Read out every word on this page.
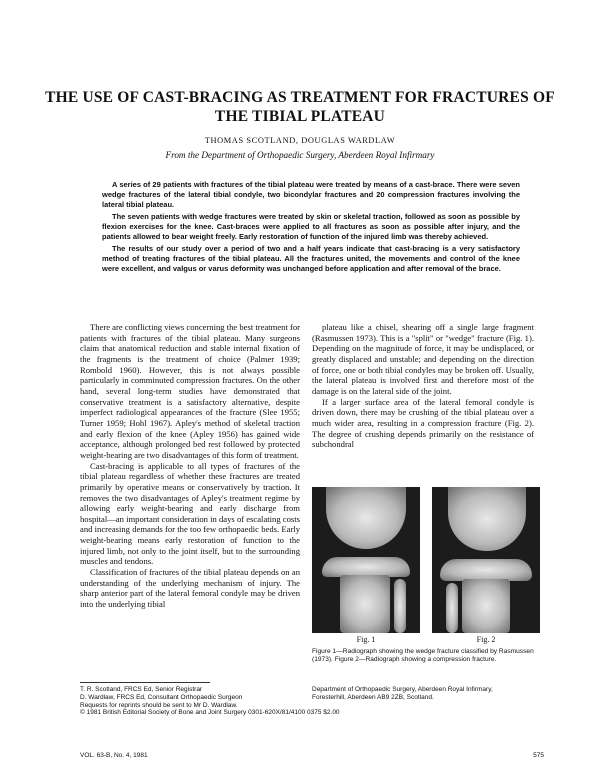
THE USE OF CAST-BRACING AS TREATMENT FOR FRACTURES OF
THE TIBIAL PLATEAU
THOMAS SCOTLAND, DOUGLAS WARDLAW
From the Department of Orthopaedic Surgery, Aberdeen Royal Infirmary

A series of 29 patients with fractures of the tibial plateau were treated by means of a cast-brace. There were seven wedge fractures of the lateral tibial condyle, two bicondylar fractures and 20 compression fractures involving the lateral tibial plateau.

The seven patients with wedge fractures were treated by skin or skeletal traction, followed as soon as possible by flexion exercises for the knee. Cast-braces were applied to all fractures as soon as possible after injury, and the patients allowed to bear weight freely. Early restoration of function of the injured limb was thereby achieved.

The results of our study over a period of two and a half years indicate that cast-bracing is a very satisfactory method of treating fractures of the tibial plateau. All the fractures united, the movements and control of the knee were excellent, and valgus or varus deformity was unchanged before application and after removal of the brace.

There are conflicting views concerning the best treatment for patients with fractures of the tibial plateau. Many surgeons claim that anatomical reduction and stable internal fixation of the fragments is the treatment of choice (Palmer 1939; Rombold 1960). However, this is not always possible particularly in comminuted compression fractures. On the other hand, several long-term studies have demonstrated that conservative treatment is a satisfactory alternative, despite imperfect radiological appearances of the fracture (Slee 1955; Turner 1959; Hohl 1967). Apley's method of skeletal traction and early flexion of the knee (Apley 1956) has gained wide acceptance, although prolonged bed rest followed by protected weight-bearing are two disadvantages of this form of treatment.

Cast-bracing is applicable to all types of fractures of the tibial plateau regardless of whether these fractures are treated primarily by operative means or conservatively by traction. It removes the two disadvantages of Apley's treatment regime by allowing early weight-bearing and early discharge from hospital—an important consideration in days of escalating costs and increasing demands for the too few orthopaedic beds. Early weight-bearing means early restoration of function to the injured limb, not only to the joint itself, but to the surrounding muscles and tendons.

Classification of fractures of the tibial plateau depends on an understanding of the underlying mechanism of injury. The sharp anterior part of the lateral femoral condyle may be driven into the underlying tibial

plateau like a chisel, shearing off a single large fragment (Rasmussen 1973). This is a "split" or "wedge" fracture (Fig. 1). Depending on the magnitude of force, it may be undisplaced, or greatly displaced and unstable; and depending on the direction of force, one or both tibial condyles may be broken off. Usually, the lateral plateau is involved first and therefore most of the damage is on the lateral side of the joint.

If a larger surface area of the lateral femoral condyle is driven down, there may be crushing of the tibial plateau over a much wider area, resulting in a compression fracture (Fig. 2). The degree of crushing depends primarily on the resistance of subchondral

Fig. 1	Fig. 2
Figure 1—Radiograph showing the wedge fracture classified by Rasmussen (1973). Figure 2—Radiograph showing a compression fracture.
T. R. Scotland, FRCS Ed, Senior Registrar	Department of Orthopaedic Surgery, Aberdeen Royal Infirmary,
D. Wardlaw, FRCS Ed, Consultant Orthopaedic Surgeon	Foresterhill, Aberdeen AB9 2ZB, Scotland.
Requests for reprints should be sent to Mr D. Wardlaw.
© 1981 British Editorial Society of Bone and Joint Surgery 0301-620X/81/4100 0375 $2.00
VOL. 63-B, No. 4, 1981	575
